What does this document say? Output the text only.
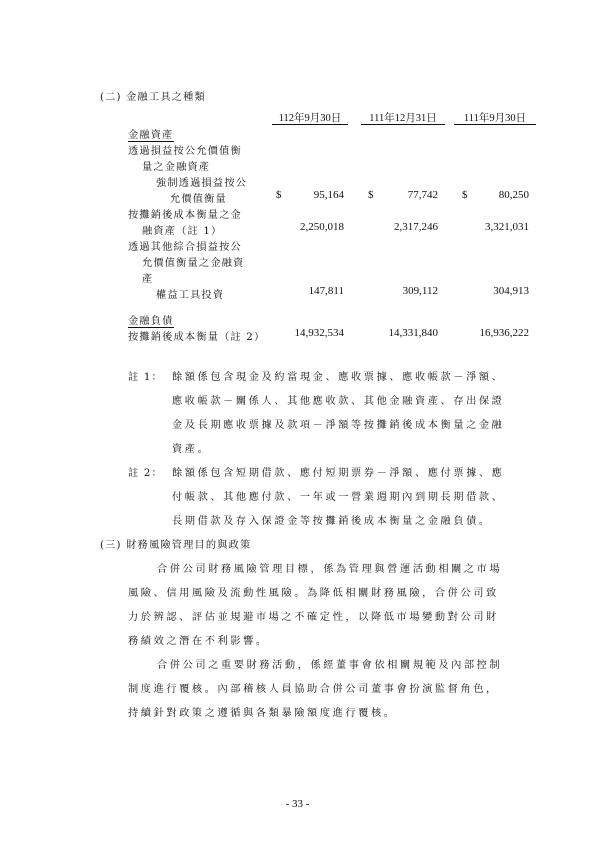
(二) 金融工具之種類
112年9月30日	111年12月31日	111年9月30日
金融資產
透過損益按公允價值衡
量之金融資產
強制透過損益按公
允價值衡量	$	95,164 $	77,742 $	80,250
按攤銷後成本衡量之金
融資產（註 1）	2,250,018	2,317,246	3,321,031
透過其他綜合損益按公
允價值衡量之金融資
產
權益工具投資	147,811	309,112	304,913
金融負債
按攤銷後成本衡量（註 2）	14,932,534	14,331,840	16,936,222
註 1： 餘額係包含現金及約當現金、應收票據、應收帳款－淨額、
應收帳款－關係人、其他應收款、其他金融資產、存出保證
金及長期應收票據及款項－淨額等按攤銷後成本衡量之金融
資產。
註 2： 餘額係包含短期借款、應付短期票券－淨額、應付票據、應
付帳款、其他應付款、一年或一營業週期內到期長期借款、
長期借款及存入保證金等按攤銷後成本衡量之金融負債。
(三) 財務風險管理目的與政策
合併公司財務風險管理目標，係為管理與營運活動相關之市場
風險、信用風險及流動性風險。為降低相關財務風險，合併公司致
力於辨認、評估並規避市場之不確定性，以降低市場變動對公司財
務績效之潛在不利影響。
合併公司之重要財務活動，係經董事會依相關規範及內部控制
制度進行覆核。內部稽核人員協助合併公司董事會扮演監督角色，
持續針對政策之遵循與各類暴險額度進行覆核。
- 33 -
